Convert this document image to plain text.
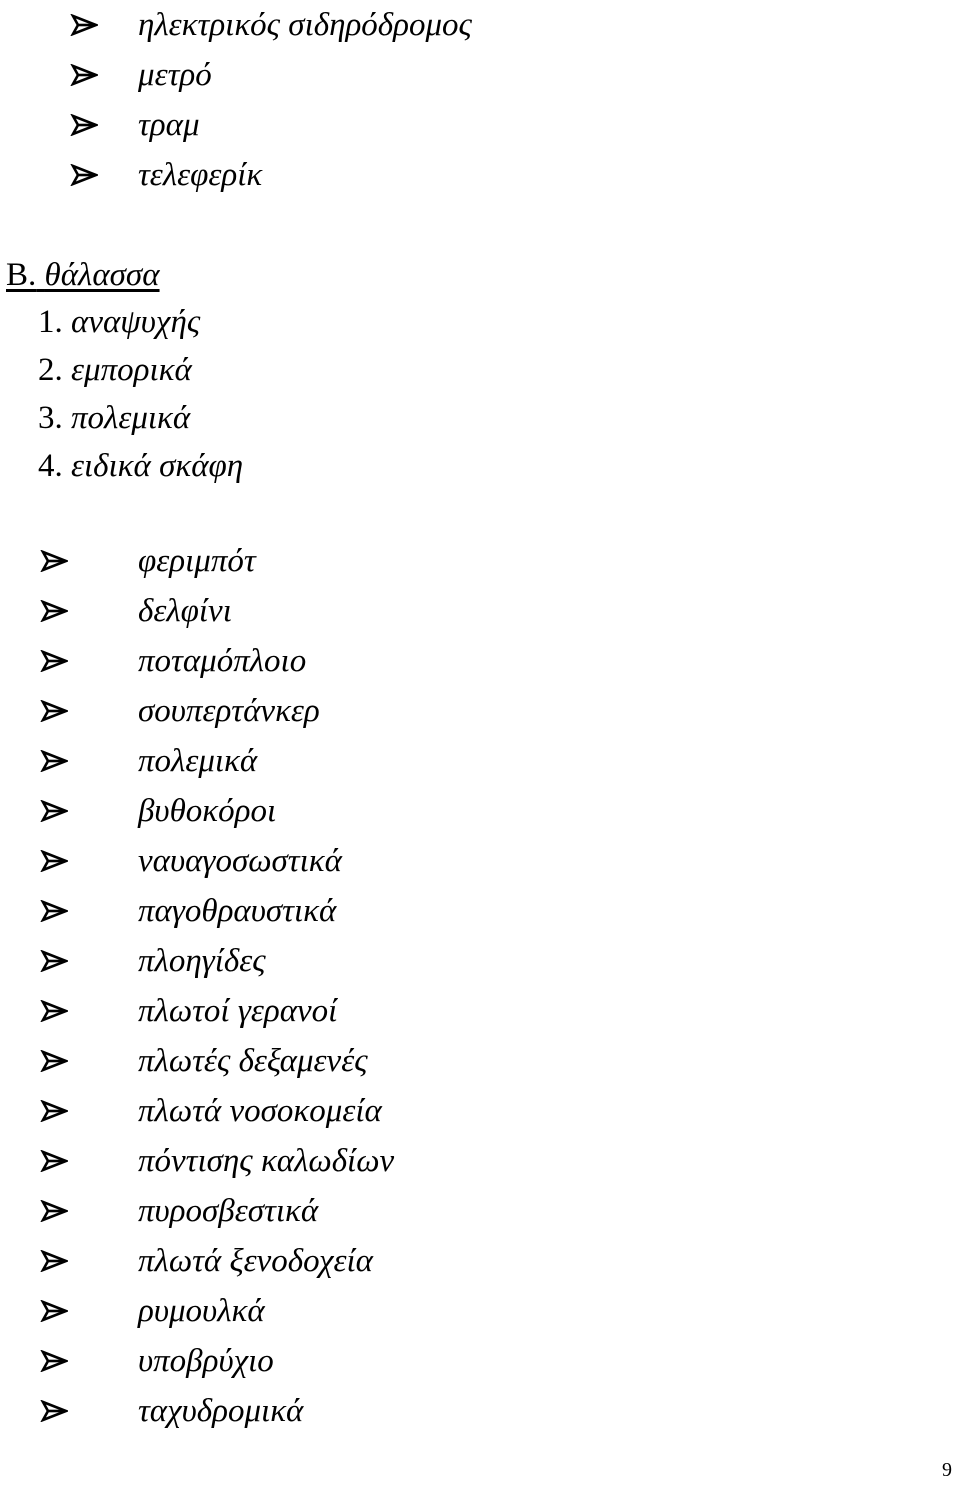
ηλεκτρικός σιδηρόδρομος
μετρό
τραμ
τελεφερίκ
Β. θάλασσα
1. αναψυχής
2. εμπορικά
3. πολεμικά
4. ειδικά σκάφη
φεριμπότ
δελφίνι
ποταμόπλοιο
σουπερτάνκερ
πολεμικά
βυθοκόροι
ναυαγοσωστικά
παγοθραυστικά
πλοηγίδες
πλωτοί γερανοί
πλωτές δεξαμενές
πλωτά νοσοκομεία
πόντισης καλωδίων
πυροσβεστικά
πλωτά ξενοδοχεία
ρυμουλκά
υποβρύχιο
ταχυδρομικά
9
